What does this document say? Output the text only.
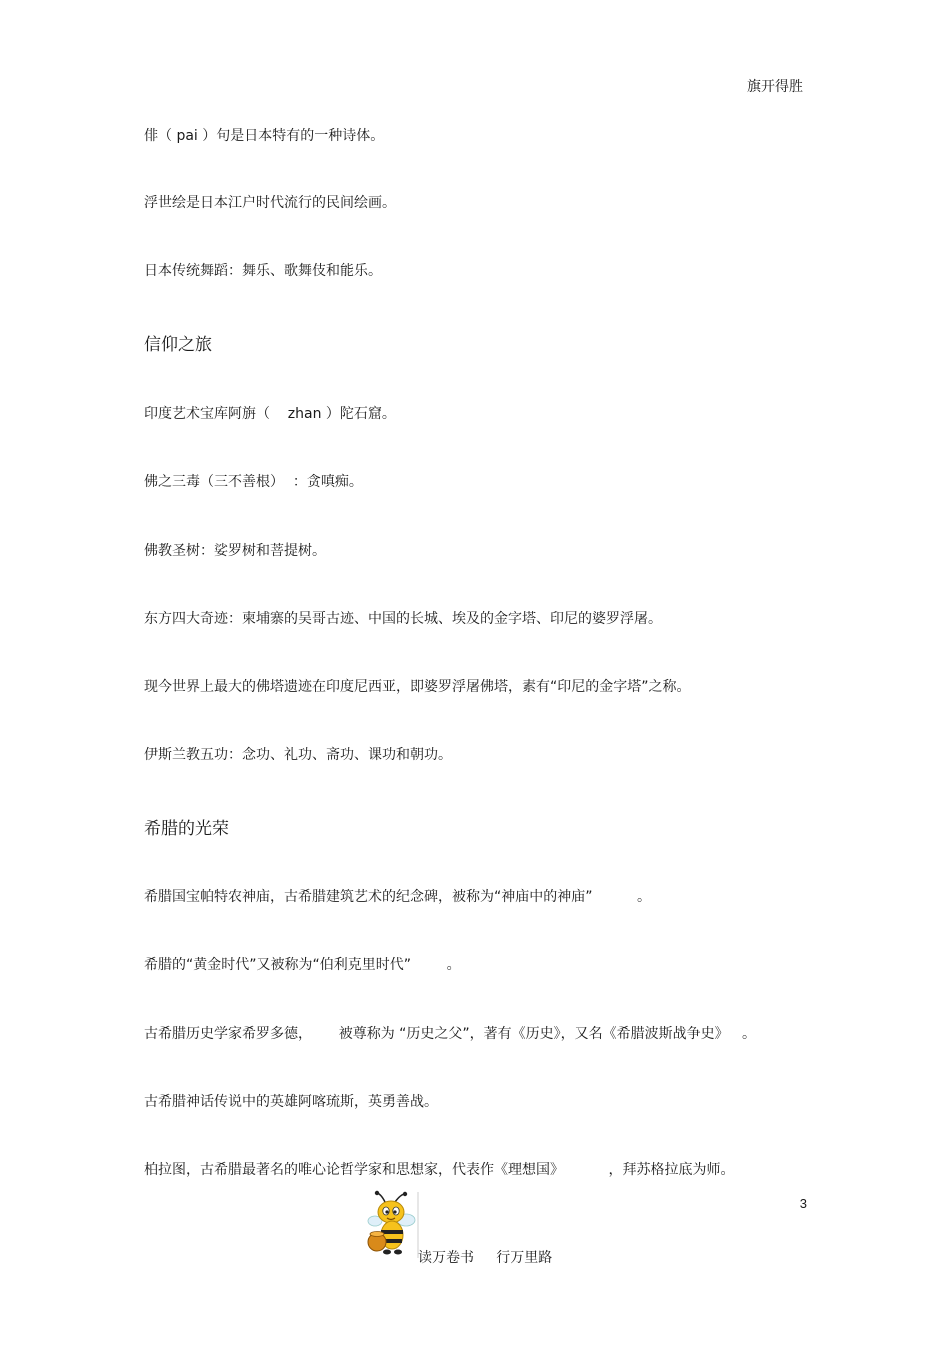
旗开得胜
俳（ pai ）句是日本特有的一种诗体。
浮世绘是日本江户时代流行的民间绘画。
日本传统舞蹈：舞乐、歌舞伎和能乐。
信仰之旅
印度艺术宝库阿旃（    zhan ）陀石窟。
佛之三毒（三不善根）  ：贪嗔痴。
佛教圣树：娑罗树和菩提树。
东方四大奇迹：柬埔寨的吴哥古迹、中国的长城、埃及的金字塔、印尼的婆罗浮屠。
现今世界上最大的佛塔遗迹在印度尼西亚，即婆罗浮屠佛塔，素有“印尼的金字塔”之称。
伊斯兰教五功：念功、礼功、斋功、课功和朝功。
希腊的光荣
希腊国宝帕特农神庙，古希腊建筑艺术的纪念碑，被称为“神庙中的神庙”          。
希腊的“黄金时代”又被称为“伯利克里时代”        。
古希腊历史学家希罗多德，      被尊称为 “历史之父”，著有《历史》，又名《希腊波斯战争史》   。
古希腊神话传说中的英雄阿喀琉斯，英勇善战。
柏拉图，古希腊最著名的唯心论哲学家和思想家，代表作《理想国》          ，拜苏格拉底为师。
3
读万卷书     行万里路
